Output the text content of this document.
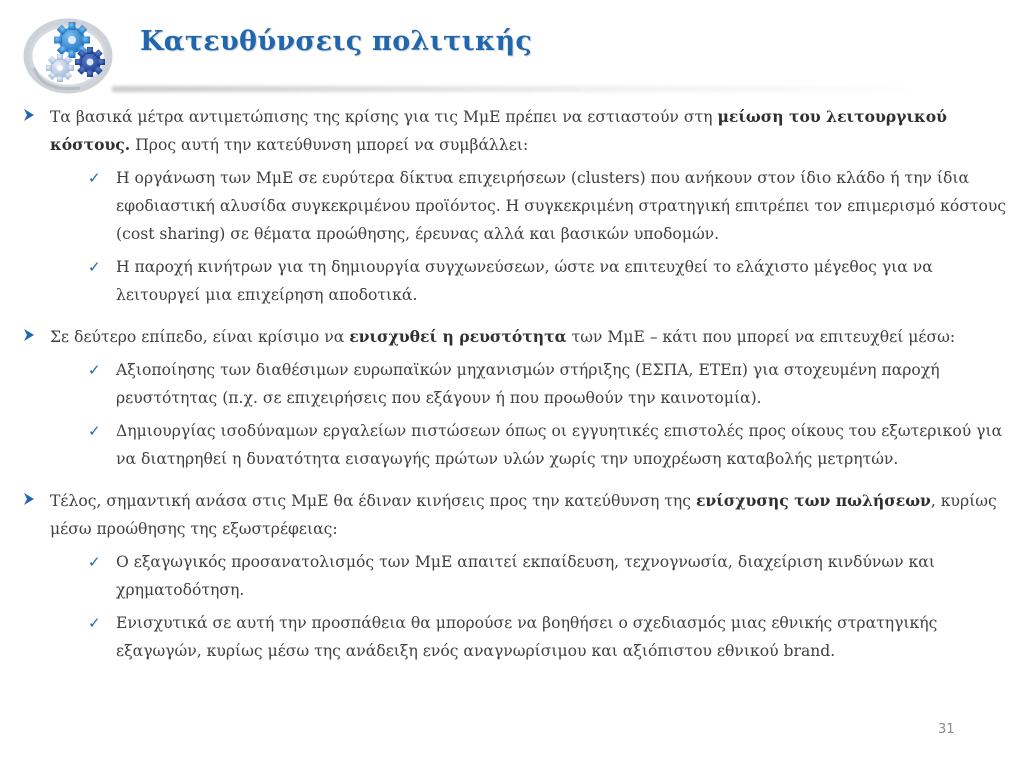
Κατευθύνσεις πολιτικής
Τα βασικά μέτρα αντιμετώπισης της κρίσης για τις ΜμΕ πρέπει να εστιαστούν στη μείωση του λειτουργικού κόστους. Προς αυτή την κατεύθυνση μπορεί να συμβάλλει:
✓ Η οργάνωση των ΜμΕ σε ευρύτερα δίκτυα επιχειρήσεων (clusters) που ανήκουν στον ίδιο κλάδο ή την ίδια εφοδιαστική αλυσίδα συγκεκριμένου προϊόντος. Η συγκεκριμένη στρατηγική επιτρέπει τον επιμερισμό κόστους (cost sharing) σε θέματα προώθησης, έρευνας αλλά και βασικών υποδομών.
✓ Η παροχή κινήτρων για τη δημιουργία συγχωνεύσεων, ώστε να επιτευχθεί το ελάχιστο μέγεθος για να λειτουργεί μια επιχείρηση αποδοτικά.
Σε δεύτερο επίπεδο, είναι κρίσιμο να ενισχυθεί η ρευστότητα των ΜμΕ – κάτι που μπορεί να επιτευχθεί μέσω:
✓ Αξιοποίησης των διαθέσιμων ευρωπαϊκών μηχανισμών στήριξης (ΕΣΠΑ, ΕΤΕπ) για στοχευμένη παροχή ρευστότητας (π.χ. σε επιχειρήσεις που εξάγουν ή που προωθούν την καινοτομία).
✓ Δημιουργίας ισοδύναμων εργαλείων πιστώσεων όπως οι εγγυητικές επιστολές προς οίκους του εξωτερικού για να διατηρηθεί η δυνατότητα εισαγωγής πρώτων υλών χωρίς την υποχρέωση καταβολής μετρητών.
Τέλος, σημαντική ανάσα στις ΜμΕ θα έδιναν κινήσεις προς την κατεύθυνση της ενίσχυσης των πωλήσεων, κυρίως μέσω προώθησης της εξωστρέφειας:
✓ Ο εξαγωγικός προσανατολισμός των ΜμΕ απαιτεί εκπαίδευση, τεχνογνωσία, διαχείριση κινδύνων και χρηματοδότηση.
✓ Ενισχυτικά σε αυτή την προσπάθεια θα μπορούσε να βοηθήσει ο σχεδιασμός μιας εθνικής στρατηγικής εξαγωγών, κυρίως μέσω της ανάδειξη ενός αναγνωρίσιμου και αξιόπιστου εθνικού brand.
31
